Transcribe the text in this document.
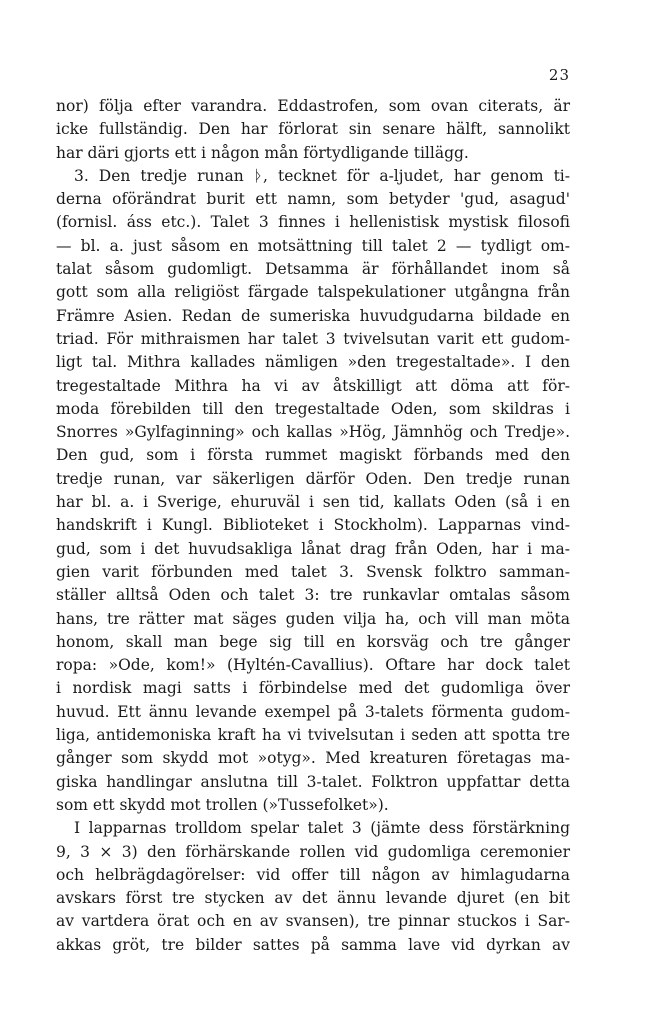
23
nor) följa efter varandra. Eddastrofen, som ovan citerats, är
icke fullständig. Den har förlorat sin senare hälft, sannolikt
har däri gjorts ett i någon mån förtydligande tillägg.
3. Den tredje runan ᚦ, tecknet för a-ljudet, har genom ti-
derna oförändrat burit ett namn, som betyder 'gud, asagud'
(fornisl. áss etc.). Talet 3 finnes i hellenistisk mystisk filosofi
— bl. a. just såsom en motsättning till talet 2 — tydligt om-
talat såsom gudomligt. Detsamma är förhållandet inom så
gott som alla religiöst färgade talspekulationer utgångna från
Främre Asien. Redan de sumeriska huvudgudarna bildade en
triad. För mithraismen har talet 3 tvivelsutan varit ett gudom-
ligt tal. Mithra kallades nämligen »den tregestaltade». I den
tregestaltade Mithra ha vi av åtskilligt att döma att för-
moda förebilden till den tregestaltade Oden, som skildras i
Snorres »Gylfaginning» och kallas »Hög, Jämnhög och Tredje».
Den gud, som i första rummet magiskt förbands med den
tredje runan, var säkerligen därför Oden. Den tredje runan
har bl. a. i Sverige, ehuruväl i sen tid, kallats Oden (så i en
handskrift i Kungl. Biblioteket i Stockholm). Lapparnas vind-
gud, som i det huvudsakliga lånat drag från Oden, har i ma-
gien varit förbunden med talet 3. Svensk folktro samman-
ställer alltså Oden och talet 3: tre runkavlar omtalas såsom
hans, tre rätter mat säges guden vilja ha, och vill man möta
honom, skall man bege sig till en korsväg och tre gånger
ropa: »Ode, kom!» (Hyltén-Cavallius). Oftare har dock talet
i nordisk magi satts i förbindelse med det gudomliga över
huvud. Ett ännu levande exempel på 3-talets förmenta gudom-
liga, antidemoniska kraft ha vi tvivelsutan i seden att spotta tre
gånger som skydd mot »otyg». Med kreaturen företagas ma-
giska handlingar anslutna till 3-talet. Folktron uppfattar detta
som ett skydd mot trollen (»Tussefolket»).
I lapparnas trolldom spelar talet 3 (jämte dess förstärkning
9, 3 × 3) den förhärskande rollen vid gudomliga ceremonier
och helbrägdagörelser: vid offer till någon av himlagudarna
avskars först tre stycken av det ännu levande djuret (en bit
av vartdera örat och en av svansen), tre pinnar stuckos i Sar-
akkas gröt, tre bilder sattes på samma lave vid dyrkan av
